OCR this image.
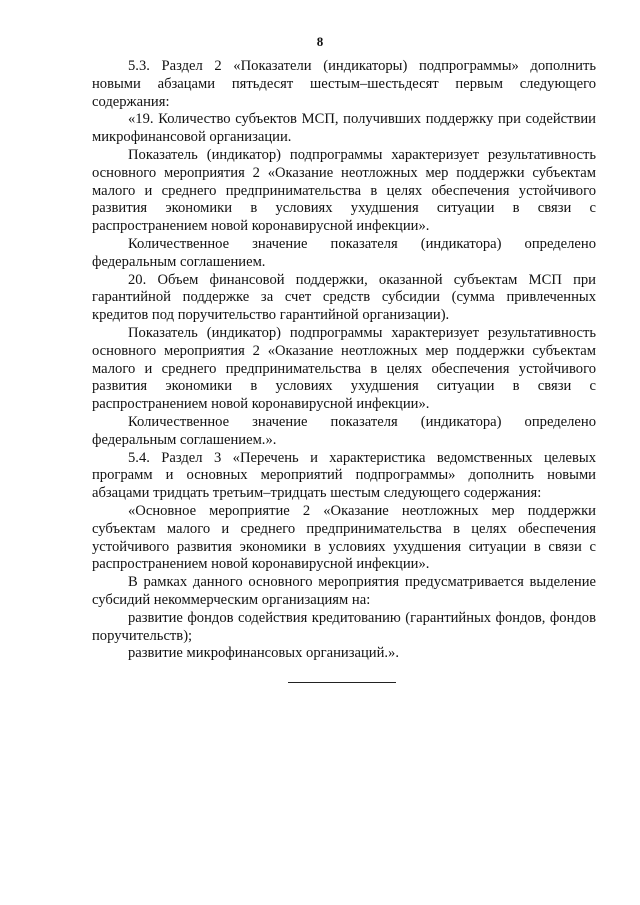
8

5.3. Раздел 2 «Показатели (индикаторы) подпрограммы» дополнить новыми абзацами пятьдесят шестым–шестьдесят первым следующего содержания:

«19. Количество субъектов МСП, получивших поддержку при содействии микрофинансовой организации.

Показатель (индикатор) подпрограммы характеризует результативность основного мероприятия 2 «Оказание неотложных мер поддержки субъектам малого и среднего предпринимательства в целях обеспечения устойчивого развития экономики в условиях ухудшения ситуации в связи с распространением новой коронавирусной инфекции».

Количественное значение показателя (индикатора) определено федеральным соглашением.

20. Объем финансовой поддержки, оказанной субъектам МСП при гарантийной поддержке за счет средств субсидии (сумма привлеченных кредитов под поручительство гарантийной организации).

Показатель (индикатор) подпрограммы характеризует результативность основного мероприятия 2 «Оказание неотложных мер поддержки субъектам малого и среднего предпринимательства в целях обеспечения устойчивого развития экономики в условиях ухудшения ситуации в связи с распространением новой коронавирусной инфекции».

Количественное значение показателя (индикатора) определено федеральным соглашением.».

5.4. Раздел 3 «Перечень и характеристика ведомственных целевых программ и основных мероприятий подпрограммы» дополнить новыми абзацами тридцать третьим–тридцать шестым следующего содержания:

«Основное мероприятие 2 «Оказание неотложных мер поддержки субъектам малого и среднего предпринимательства в целях обеспечения устойчивого развития экономики в условиях ухудшения ситуации в связи с распространением новой коронавирусной инфекции».

В рамках данного основного мероприятия предусматривается выделение субсидий некоммерческим организациям на:

развитие фондов содействия кредитованию (гарантийных фондов, фондов поручительств);

развитие микрофинансовых организаций.».
